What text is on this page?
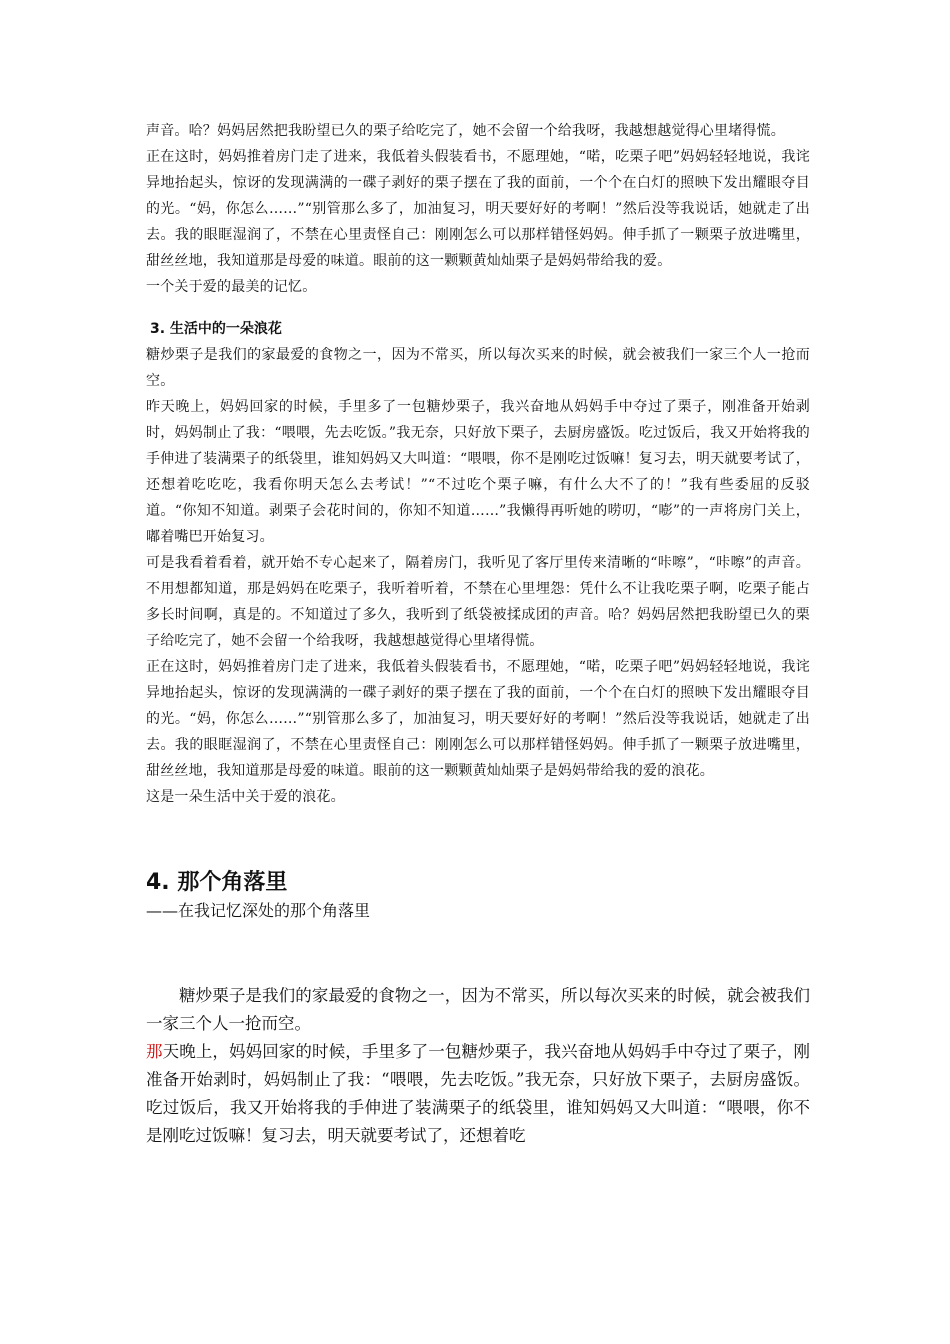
声音。哈？妈妈居然把我盼望已久的栗子给吃完了，她不会留一个给我呀，我越想越觉得心里堵得慌。

正在这时，妈妈推着房门走了进来，我低着头假装看书，不愿理她，“喏，吃栗子吧”妈妈轻轻地说，我诧异地抬起头，惊讶的发现满满的一碟子剥好的栗子摆在了我的面前，一个个在白灯的照映下发出耀眼夺目的光。“妈，你怎么……”“别管那么多了，加油复习，明天要好好的考啊！”然后没等我说话，她就走了出去。我的眼眶湿润了，不禁在心里责怪自己：刚刚怎么可以那样错怪妈妈。伸手抓了一颗栗子放进嘴里，甜丝丝地，我知道那是母爱的味道。眼前的这一颗颗黄灿灿栗子是妈妈带给我的爱。

一个关于爱的最美的记忆。

3. 生活中的一朵浪花

糖炒栗子是我们的家最爱的食物之一，因为不常买，所以每次买来的时候，就会被我们一家三个人一抢而空。

昨天晚上，妈妈回家的时候，手里多了一包糖炒栗子，我兴奋地从妈妈手中夺过了栗子，刚准备开始剥时，妈妈制止了我：“喂喂，先去吃饭。”我无奈，只好放下栗子，去厨房盛饭。吃过饭后，我又开始将我的手伸进了装满栗子的纸袋里，谁知妈妈又大叫道：“喂喂，你不是刚吃过饭嘛！复习去，明天就要考试了，还想着吃吃吃，我看你明天怎么去考试！”“不过吃个栗子嘛，有什么大不了的！”我有些委屈的反驳道。“你知不知道。剥栗子会花时间的，你知不知道……”我懒得再听她的唠叨，“嘭”的一声将房门关上，嘟着嘴巴开始复习。

可是我看着看着，就开始不专心起来了，隔着房门，我听见了客厅里传来清晰的“咔嚓”，“咔嚓”的声音。不用想都知道，那是妈妈在吃栗子，我听着听着，不禁在心里埋怨：凭什么不让我吃栗子啊，吃栗子能占多长时间啊，真是的。不知道过了多久，我听到了纸袋被揉成团的声音。哈？妈妈居然把我盼望已久的栗子给吃完了，她不会留一个给我呀，我越想越觉得心里堵得慌。

正在这时，妈妈推着房门走了进来，我低着头假装看书，不愿理她，“喏，吃栗子吧”妈妈轻轻地说，我诧异地抬起头，惊讶的发现满满的一碟子剥好的栗子摆在了我的面前，一个个在白灯的照映下发出耀眼夺目的光。“妈，你怎么……”“别管那么多了，加油复习，明天要好好的考啊！”然后没等我说话，她就走了出去。我的眼眶湿润了，不禁在心里责怪自己：刚刚怎么可以那样错怪妈妈。伸手抓了一颗栗子放进嘴里，甜丝丝地，我知道那是母爱的味道。眼前的这一颗颗黄灿灿栗子是妈妈带给我的爱的浪花。

这是一朵生活中关于爱的浪花。

4. 那个角落里

——在我记忆深处的那个角落里

糖炒栗子是我们的家最爱的食物之一，因为不常买，所以每次买来的时候，就会被我们一家三个人一抢而空。

那天晚上，妈妈回家的时候，手里多了一包糖炒栗子，我兴奋地从妈妈手中夺过了栗子，刚准备开始剥时，妈妈制止了我：“喂喂，先去吃饭。”我无奈，只好放下栗子，去厨房盛饭。吃过饭后，我又开始将我的手伸进了装满栗子的纸袋里，谁知妈妈又大叫道：“喂喂，你不是刚吃过饭嘛！复习去，明天就要考试了，还想着吃
